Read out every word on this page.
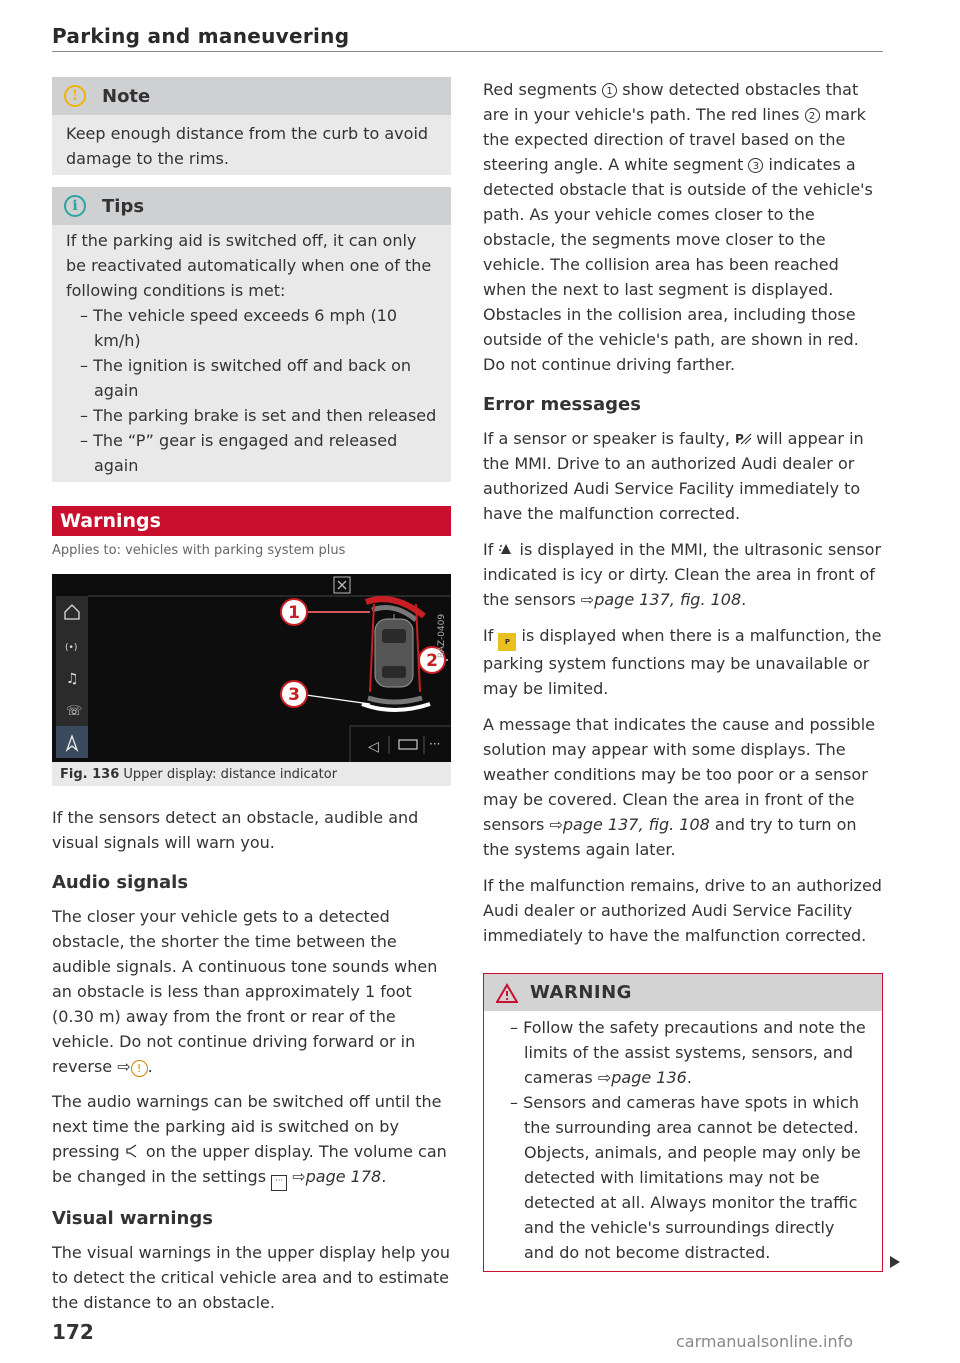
Parking and maneuvering
!	Note

Keep enough distance from the curb to avoid damage to the rims.

i	Tips

If the parking aid is switched off, it can only be reactivated automatically when one of the following conditions is met:

– The vehicle speed exceeds 6 mph (10 km/h)

– The ignition is switched off and back on again

– The parking brake is set and then released

– The “P” gear is engaged and released again

Warnings
Applies to: vehicles with parking system plus
(•)
♫
☏
1
2
3
RAZ-0409
◁	···
Fig. 136 Upper display: distance indicator

If the sensors detect an obstacle, audible and visual signals will warn you.

Audio signals

The closer your vehicle gets to a detected obstacle, the shorter the time between the audible signals. A continuous tone sounds when an obstacle is less than approximately 1 foot (0.30 m) away from the front or rear of the vehicle. Do not continue driving forward or in reverse ⇨ ! .

The audio warnings can be switched off until the next time the parking aid is switched on by pressing on the upper display. The volume can be changed in the settings ··· ⇨page 178.

Visual warnings

The visual warnings in the upper display help you to detect the critical vehicle area and to estimate the distance to an obstacle.

Red segments 1 show detected obstacles that are in your vehicle's path. The red lines 2 mark the expected direction of travel based on the steering angle. A white segment 3 indicates a detected obstacle that is outside of the vehicle's path. As your vehicle comes closer to the obstacle, the segments move closer to the vehicle. The collision area has been reached when the next to last segment is displayed. Obstacles in the collision area, including those outside of the vehicle's path, are shown in red. Do not continue driving farther.

Error messages

If a sensor or speaker is faulty, P will appear in the MMI. Drive to an authorized Audi dealer or authorized Audi Service Facility immediately to have the malfunction corrected.

If is displayed in the MMI, the ultrasonic sensor indicated is icy or dirty. Clean the area in front of the sensors ⇨page 137, fig. 108.

If P is displayed when there is a malfunction, the parking system functions may be unavailable or may be limited.

A message that indicates the cause and possible solution may appear with some displays. The weather conditions may be too poor or a sensor may be covered. Clean the area in front of the sensors ⇨page 137, fig. 108 and try to turn on the systems again later.

If the malfunction remains, drive to an authorized Audi dealer or authorized Audi Service Facility immediately to have the malfunction corrected.

WARNING

– Follow the safety precautions and note the limits of the assist systems, sensors, and cameras ⇨page 136.

– Sensors and cameras have spots in which the surrounding area cannot be detected. Objects, animals, and people may only be detected with limitations may not be detected at all. Always monitor the traffic and the vehicle's surroundings directly and do not become distracted.

172	carmanualsonline.info
